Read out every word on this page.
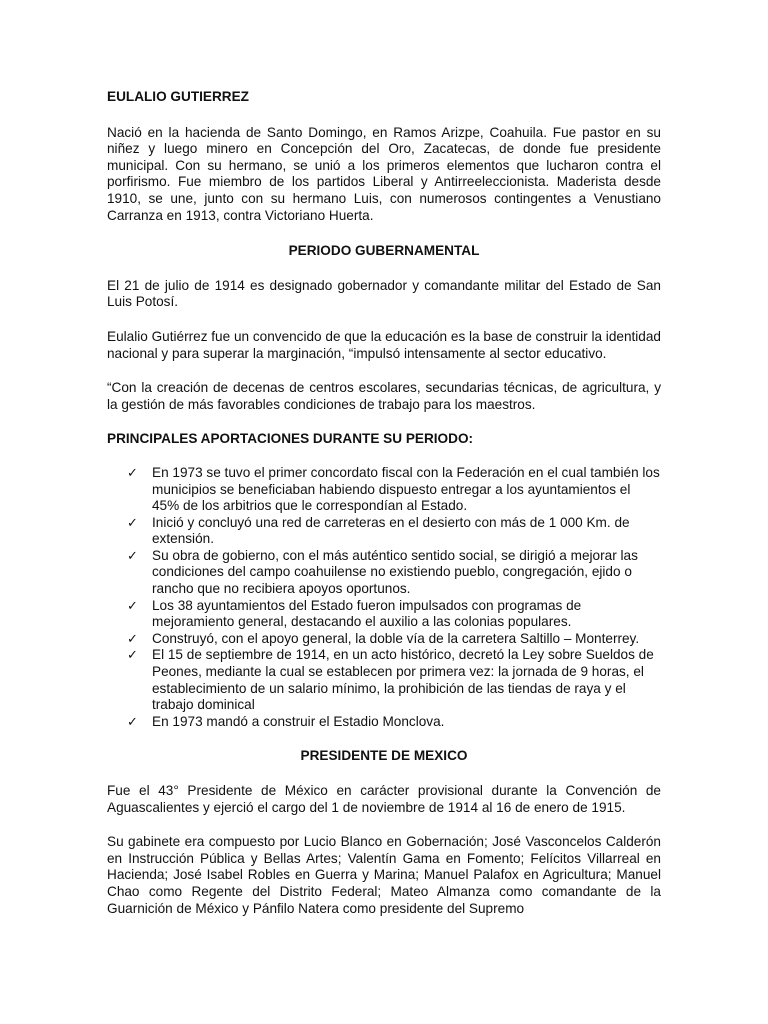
EULALIO GUTIERREZ

Nació en la hacienda de Santo Domingo, en Ramos Arizpe, Coahuila. Fue pastor en su niñez y luego minero en Concepción del Oro, Zacatecas, de donde fue presidente municipal. Con su hermano, se unió a los primeros elementos que lucharon contra el porfirismo. Fue miembro de los partidos Liberal y Antirreeleccionista. Maderista desde 1910, se une, junto con su hermano Luis, con numerosos contingentes a Venustiano Carranza en 1913, contra Victoriano Huerta.

PERIODO GUBERNAMENTAL

El 21 de julio de 1914 es designado gobernador y comandante militar del Estado de San Luis Potosí.

Eulalio Gutiérrez fue un convencido de que la educación es la base de construir la identidad nacional y para superar la marginación, “impulsó intensamente al sector educativo.

“Con la creación de decenas de centros escolares, secundarias técnicas, de agricultura, y la gestión de más favorables condiciones de trabajo para los maestros.

PRINCIPALES APORTACIONES DURANTE SU PERIODO:

✓ En 1973 se tuvo el primer concordato fiscal con la Federación en el cual también los municipios se beneficiaban habiendo dispuesto entregar a los ayuntamientos el 45% de los arbitrios que le correspondían al Estado.
✓ Inició y concluyó una red de carreteras en el desierto con más de 1 000 Km. de extensión.
✓ Su obra de gobierno, con el más auténtico sentido social, se dirigió a mejorar las condiciones del campo coahuilense no existiendo pueblo, congregación, ejido o rancho que no recibiera apoyos oportunos.
✓ Los 38 ayuntamientos del Estado fueron impulsados con programas de mejoramiento general, destacando el auxilio a las colonias populares.
✓ Construyó, con el apoyo general, la doble vía de la carretera Saltillo – Monterrey.
✓ El 15 de septiembre de 1914, en un acto histórico, decretó la Ley sobre Sueldos de Peones, mediante la cual se establecen por primera vez: la jornada de 9 horas, el establecimiento de un salario mínimo, la prohibición de las tiendas de raya y el trabajo dominical
✓ En 1973 mandó a construir el Estadio Monclova.

PRESIDENTE DE MEXICO

Fue el 43° Presidente de México en carácter provisional durante la Convención de Aguascalientes y ejerció el cargo del 1 de noviembre de 1914 al 16 de enero de 1915.

Su gabinete era compuesto por Lucio Blanco en Gobernación; José Vasconcelos Calderón en Instrucción Pública y Bellas Artes; Valentín Gama en Fomento; Felícitos Villarreal en Hacienda; José Isabel Robles en Guerra y Marina; Manuel Palafox en Agricultura; Manuel Chao como Regente del Distrito Federal; Mateo Almanza como comandante de la Guarnición de México y Pánfilo Natera como presidente del Supremo
